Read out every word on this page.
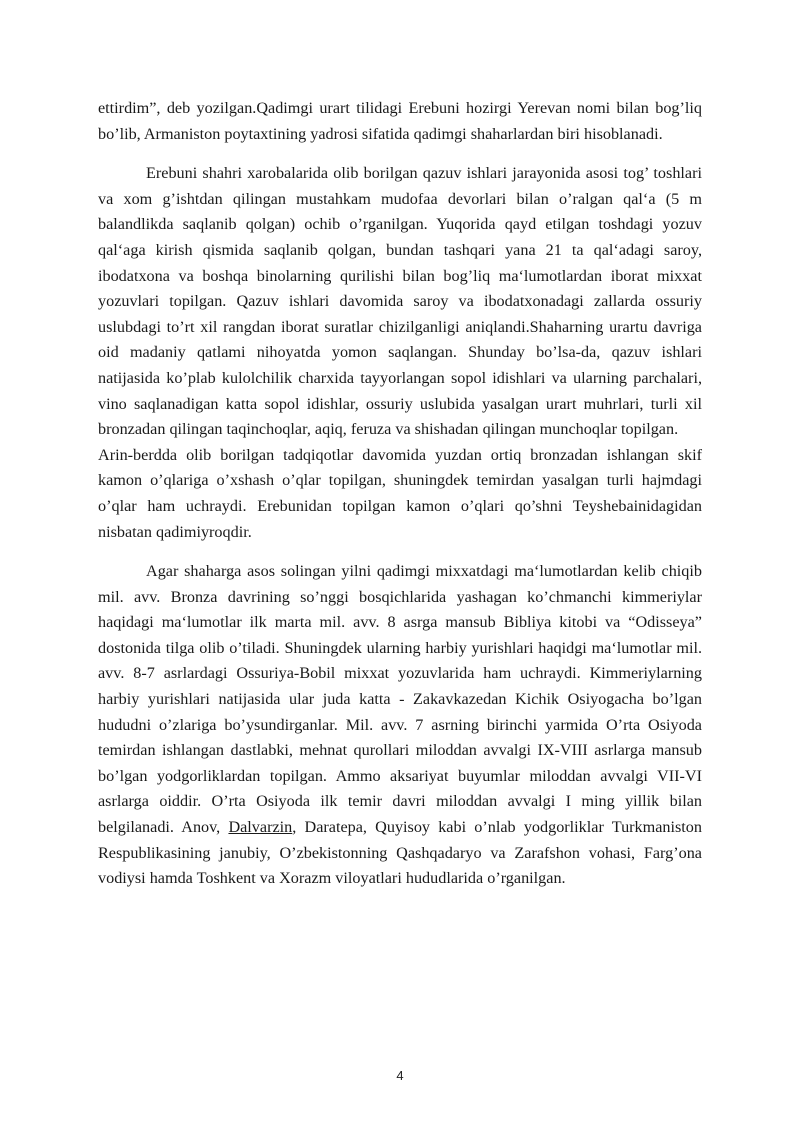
ettirdim”, deb yozilgan.Qadimgi urart tilidagi Erebuni hozirgi Yerevan nomi bilan bog’liq bo’lib, Armaniston poytaxtining yadrosi sifatida qadimgi shaharlardan biri hisoblanadi.

Erebuni shahri xarobalarida olib borilgan qazuv ishlari jarayonida asosi tog’ toshlari va xom g’ishtdan qilingan mustahkam mudofaa devorlari bilan o’ralgan qal‘a (5 m balandlikda saqlanib qolgan) ochib o’rganilgan. Yuqorida qayd etilgan toshdagi yozuv qal‘aga kirish qismida saqlanib qolgan, bundan tashqari yana 21 ta qal‘adagi saroy, ibodatxona va boshqa binolarning qurilishi bilan bog’liq ma‘lumotlardan iborat mixxat yozuvlari topilgan. Qazuv ishlari davomida saroy va ibodatxonadagi zallarda ossuriy uslubdagi to’rt xil rangdan iborat suratlar chizilganligi aniqlandi.Shaharning urartu davriga oid madaniy qatlami nihoyatda yomon saqlangan. Shunday bo’lsa-da, qazuv ishlari natijasida ko’plab kulolchilik charxida tayyorlangan sopol idishlari va ularning parchalari, vino saqlanadigan katta sopol idishlar, ossuriy uslubida yasalgan urart muhrlari, turli xil bronzadan qilingan taqinchoqlar, aqiq, feruza va shishadan qilingan munchoqlar topilgan.

Arin-berdda olib borilgan tadqiqotlar davomida yuzdan ortiq bronzadan ishlangan skif kamon o’qlariga o’xshash o’qlar topilgan, shuningdek temirdan yasalgan turli hajmdagi o’qlar ham uchraydi. Erebunidan topilgan kamon o’qlari qo’shni Teyshebainidagidan nisbatan qadimiyroqdir.

Agar shaharga asos solingan yilni qadimgi mixxatdagi ma‘lumotlardan kelib chiqib mil. avv. Bronza davrining so’nggi bosqichlarida yashagan ko’chmanchi kimmeriylar haqidagi ma‘lumotlar ilk marta mil. avv. 8 asrga mansub Bibliya kitobi va “Odisseya” dostonida tilga olib o’tiladi. Shuningdek ularning harbiy yurishlari haqidgi ma‘lumotlar mil. avv. 8-7 asrlardagi Ossuriya-Bobil mixxat yozuvlarida ham uchraydi. Kimmeriylarning harbiy yurishlari natijasida ular juda katta - Zakavkazedan Kichik Osiyogacha bo’lgan hududni o’zlariga bo’ysundirganlar. Mil. avv. 7 asrning birinchi yarmida O’rta Osiyoda temirdan ishlangan dastlabki, mehnat qurollari miloddan avvalgi IX-VIII asrlarga mansub bo’lgan yodgorliklardan topilgan. Ammo aksariyat buyumlar miloddan avvalgi VII-VI asrlarga oiddir. O’rta Osiyoda ilk temir davri miloddan avvalgi I ming yillik bilan belgilanadi. Anov, Dalvarzin, Daratepa, Quyisoy kabi o’nlab yodgorliklar Turkmaniston Respublikasining janubiy, O’zbekistonning Qashqadaryo va Zarafshon vohasi, Farg’ona vodiysi hamda Toshkent va Xorazm viloyatlari hududlarida o’rganilgan.

4
